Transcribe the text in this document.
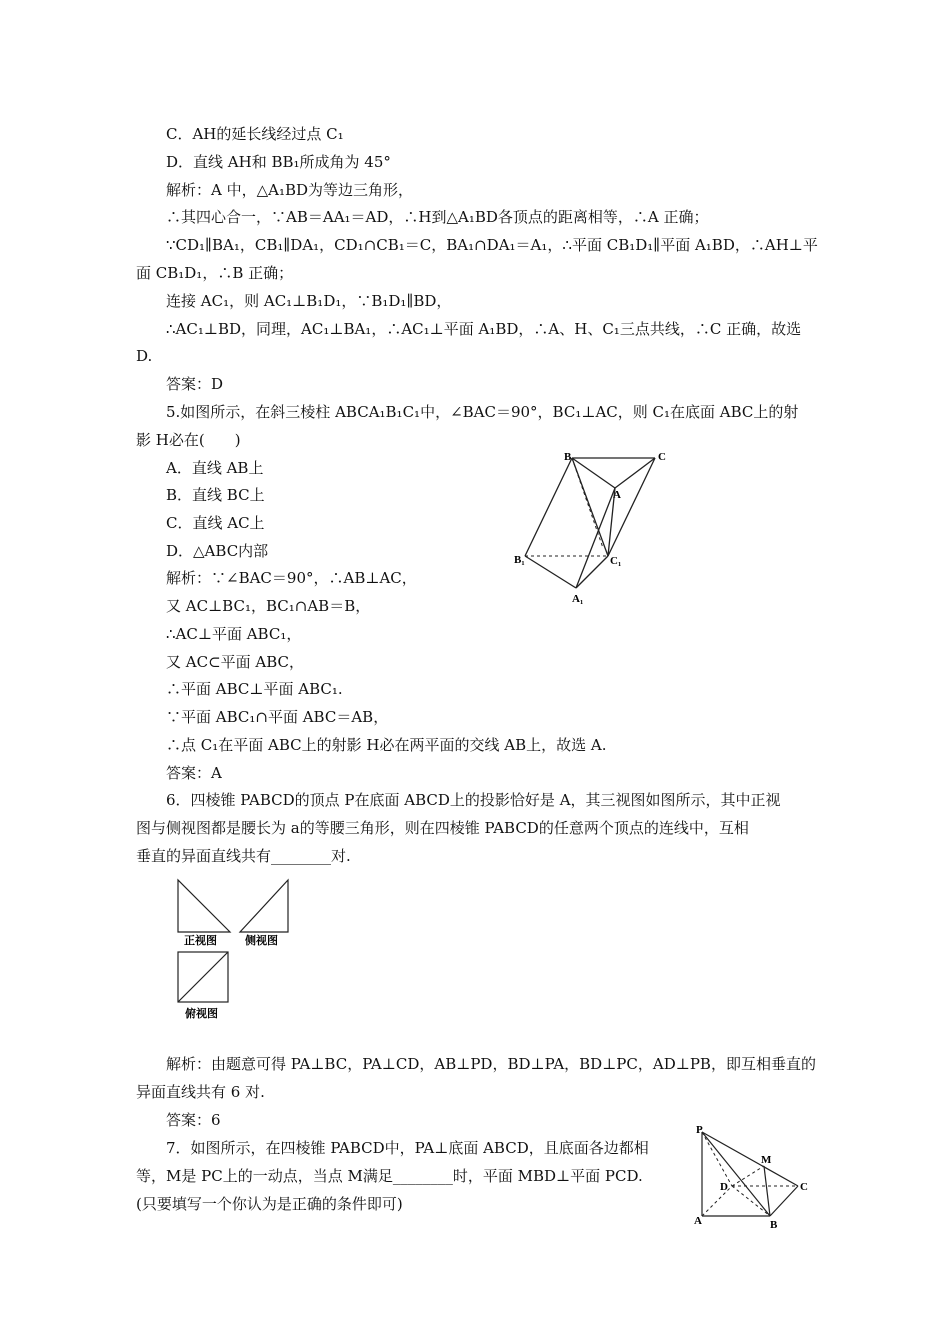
C．AH的延长线经过点 C₁
D．直线 AH和 BB₁所成角为 45°
解析：A 中，△A₁BD为等边三角形，
∴其四心合一，∵AB＝AA₁＝AD，∴H到△A₁BD各顶点的距离相等，∴A 正确；
∵CD₁∥BA₁，CB₁∥DA₁，CD₁∩CB₁＝C，BA₁∩DA₁＝A₁，∴平面 CB₁D₁∥平面 A₁BD，∴AH⊥平
面 CB₁D₁，∴B 正确；
连接 AC₁，则 AC₁⊥B₁D₁，∵B₁D₁∥BD，
∴AC₁⊥BD，同理，AC₁⊥BA₁，∴AC₁⊥平面 A₁BD，∴A、H、C₁三点共线，∴C 正确，故选
D.
答案：D
5.如图所示，在斜三棱柱 ABCA₁B₁C₁中，∠BAC＝90°，BC₁⊥AC，则 C₁在底面 ABC上的射
影 H必在(　　)
A．直线 AB上
B．直线 BC上
C．直线 AC上
D．△ABC内部
解析：∵∠BAC＝90°，∴AB⊥AC，
又 AC⊥BC₁，BC₁∩AB＝B，
∴AC⊥平面 ABC₁，
又 AC⊂平面 ABC，
∴平面 ABC⊥平面 ABC₁.
∵平面 ABC₁∩平面 ABC＝AB，
∴点 C₁在平面 ABC上的射影 H必在两平面的交线 AB上，故选 A.
答案：A
6．四棱锥 PABCD的顶点 P在底面 ABCD上的投影恰好是 A，其三视图如图所示，其中正视
图与侧视图都是腰长为 a的等腰三角形，则在四棱锥 PABCD的任意两个顶点的连线中，互相
垂直的异面直线共有________对.
解析：由题意可得 PA⊥BC，PA⊥CD，AB⊥PD，BD⊥PA，BD⊥PC，AD⊥PB，即互相垂直的
异面直线共有 6 对.
答案：6
7．如图所示，在四棱锥 PABCD中，PA⊥底面 ABCD，且底面各边都相
等，M是 PC上的一动点，当点 M满足________时，平面 MBD⊥平面 PCD.
(只要填写一个你认为是正确的条件即可)
B	C
A
B₁	C₁
A₁
正视图	侧视图
俯视图
P
M
D	C
A	B
